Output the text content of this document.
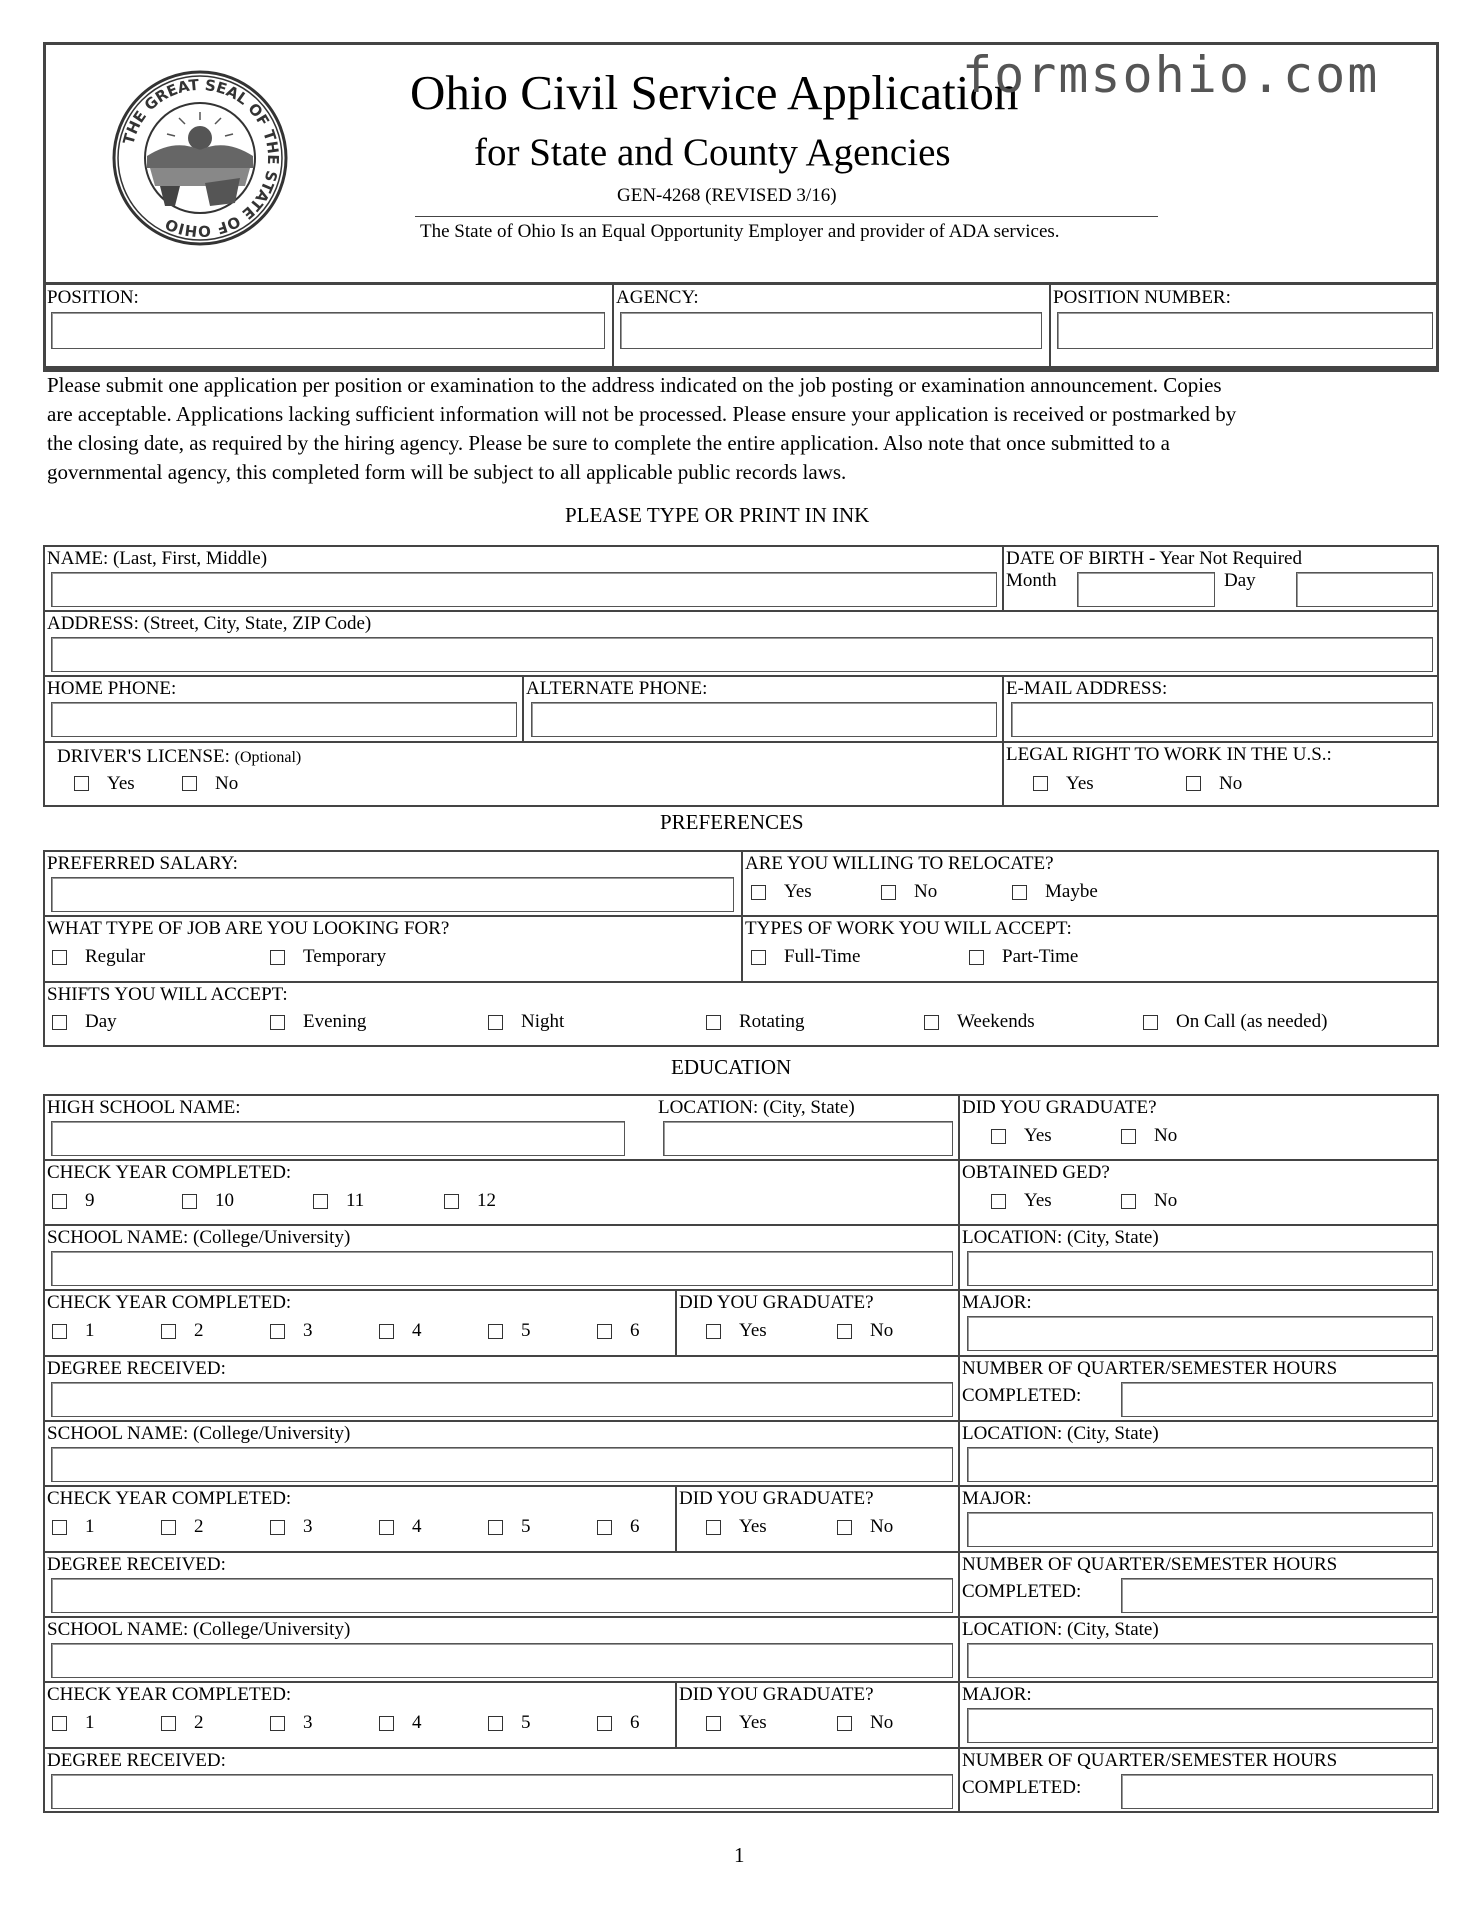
THE GREAT SEAL OF THE STATE OF OHIO
Ohio Civil Service Application
formsohio.com
for State and County Agencies
GEN-4268 (REVISED 3/16)
The State of Ohio Is an Equal Opportunity Employer and provider of ADA services.
POSITION:	AGENCY:	POSITION NUMBER:
Please submit one application per position or examination to the address indicated on the job posting or examination announcement. Copies
are acceptable. Applications lacking sufficient information will not be processed. Please ensure your application is received or postmarked by
the closing date, as required by the hiring agency. Please be sure to complete the entire application. Also note that once submitted to a
governmental agency, this completed form will be subject to all applicable public records laws.
PLEASE TYPE OR PRINT IN INK
NAME: (Last, First, Middle)	DATE OF BIRTH - Year Not Required
Month	Day
ADDRESS: (Street, City, State, ZIP Code)
HOME PHONE:	ALTERNATE PHONE:	E-MAIL ADDRESS:
DRIVER'S LICENSE: (Optional)
Yes	No
LEGAL RIGHT TO WORK IN THE U.S.:
Yes	No
PREFERENCES
PREFERRED SALARY:	ARE YOU WILLING TO RELOCATE?
Yes	No	Maybe
WHAT TYPE OF JOB ARE YOU LOOKING FOR?
Regular	Temporary
TYPES OF WORK YOU WILL ACCEPT:
Full-Time	Part-Time
SHIFTS YOU WILL ACCEPT:
Day	Evening	Night	Rotating	Weekends	On Call (as needed)
EDUCATION
HIGH SCHOOL NAME:	LOCATION: (City, State)	DID YOU GRADUATE?
Yes	No
CHECK YEAR COMPLETED:
9	10	11	12
OBTAINED GED?
Yes	No
SCHOOL NAME: (College/University)	LOCATION: (City, State)
CHECK YEAR COMPLETED:
1	2	3	4	5	6
DID YOU GRADUATE?
Yes	No
MAJOR:
DEGREE RECEIVED:	NUMBER OF QUARTER/SEMESTER HOURS
COMPLETED:
SCHOOL NAME: (College/University)	LOCATION: (City, State)
CHECK YEAR COMPLETED:
1	2	3	4	5	6
DID YOU GRADUATE?
Yes	No
MAJOR:
DEGREE RECEIVED:	NUMBER OF QUARTER/SEMESTER HOURS
COMPLETED:
SCHOOL NAME: (College/University)	LOCATION: (City, State)
CHECK YEAR COMPLETED:
1	2	3	4	5	6
DID YOU GRADUATE?
Yes	No
MAJOR:
DEGREE RECEIVED:	NUMBER OF QUARTER/SEMESTER HOURS
COMPLETED:
1
